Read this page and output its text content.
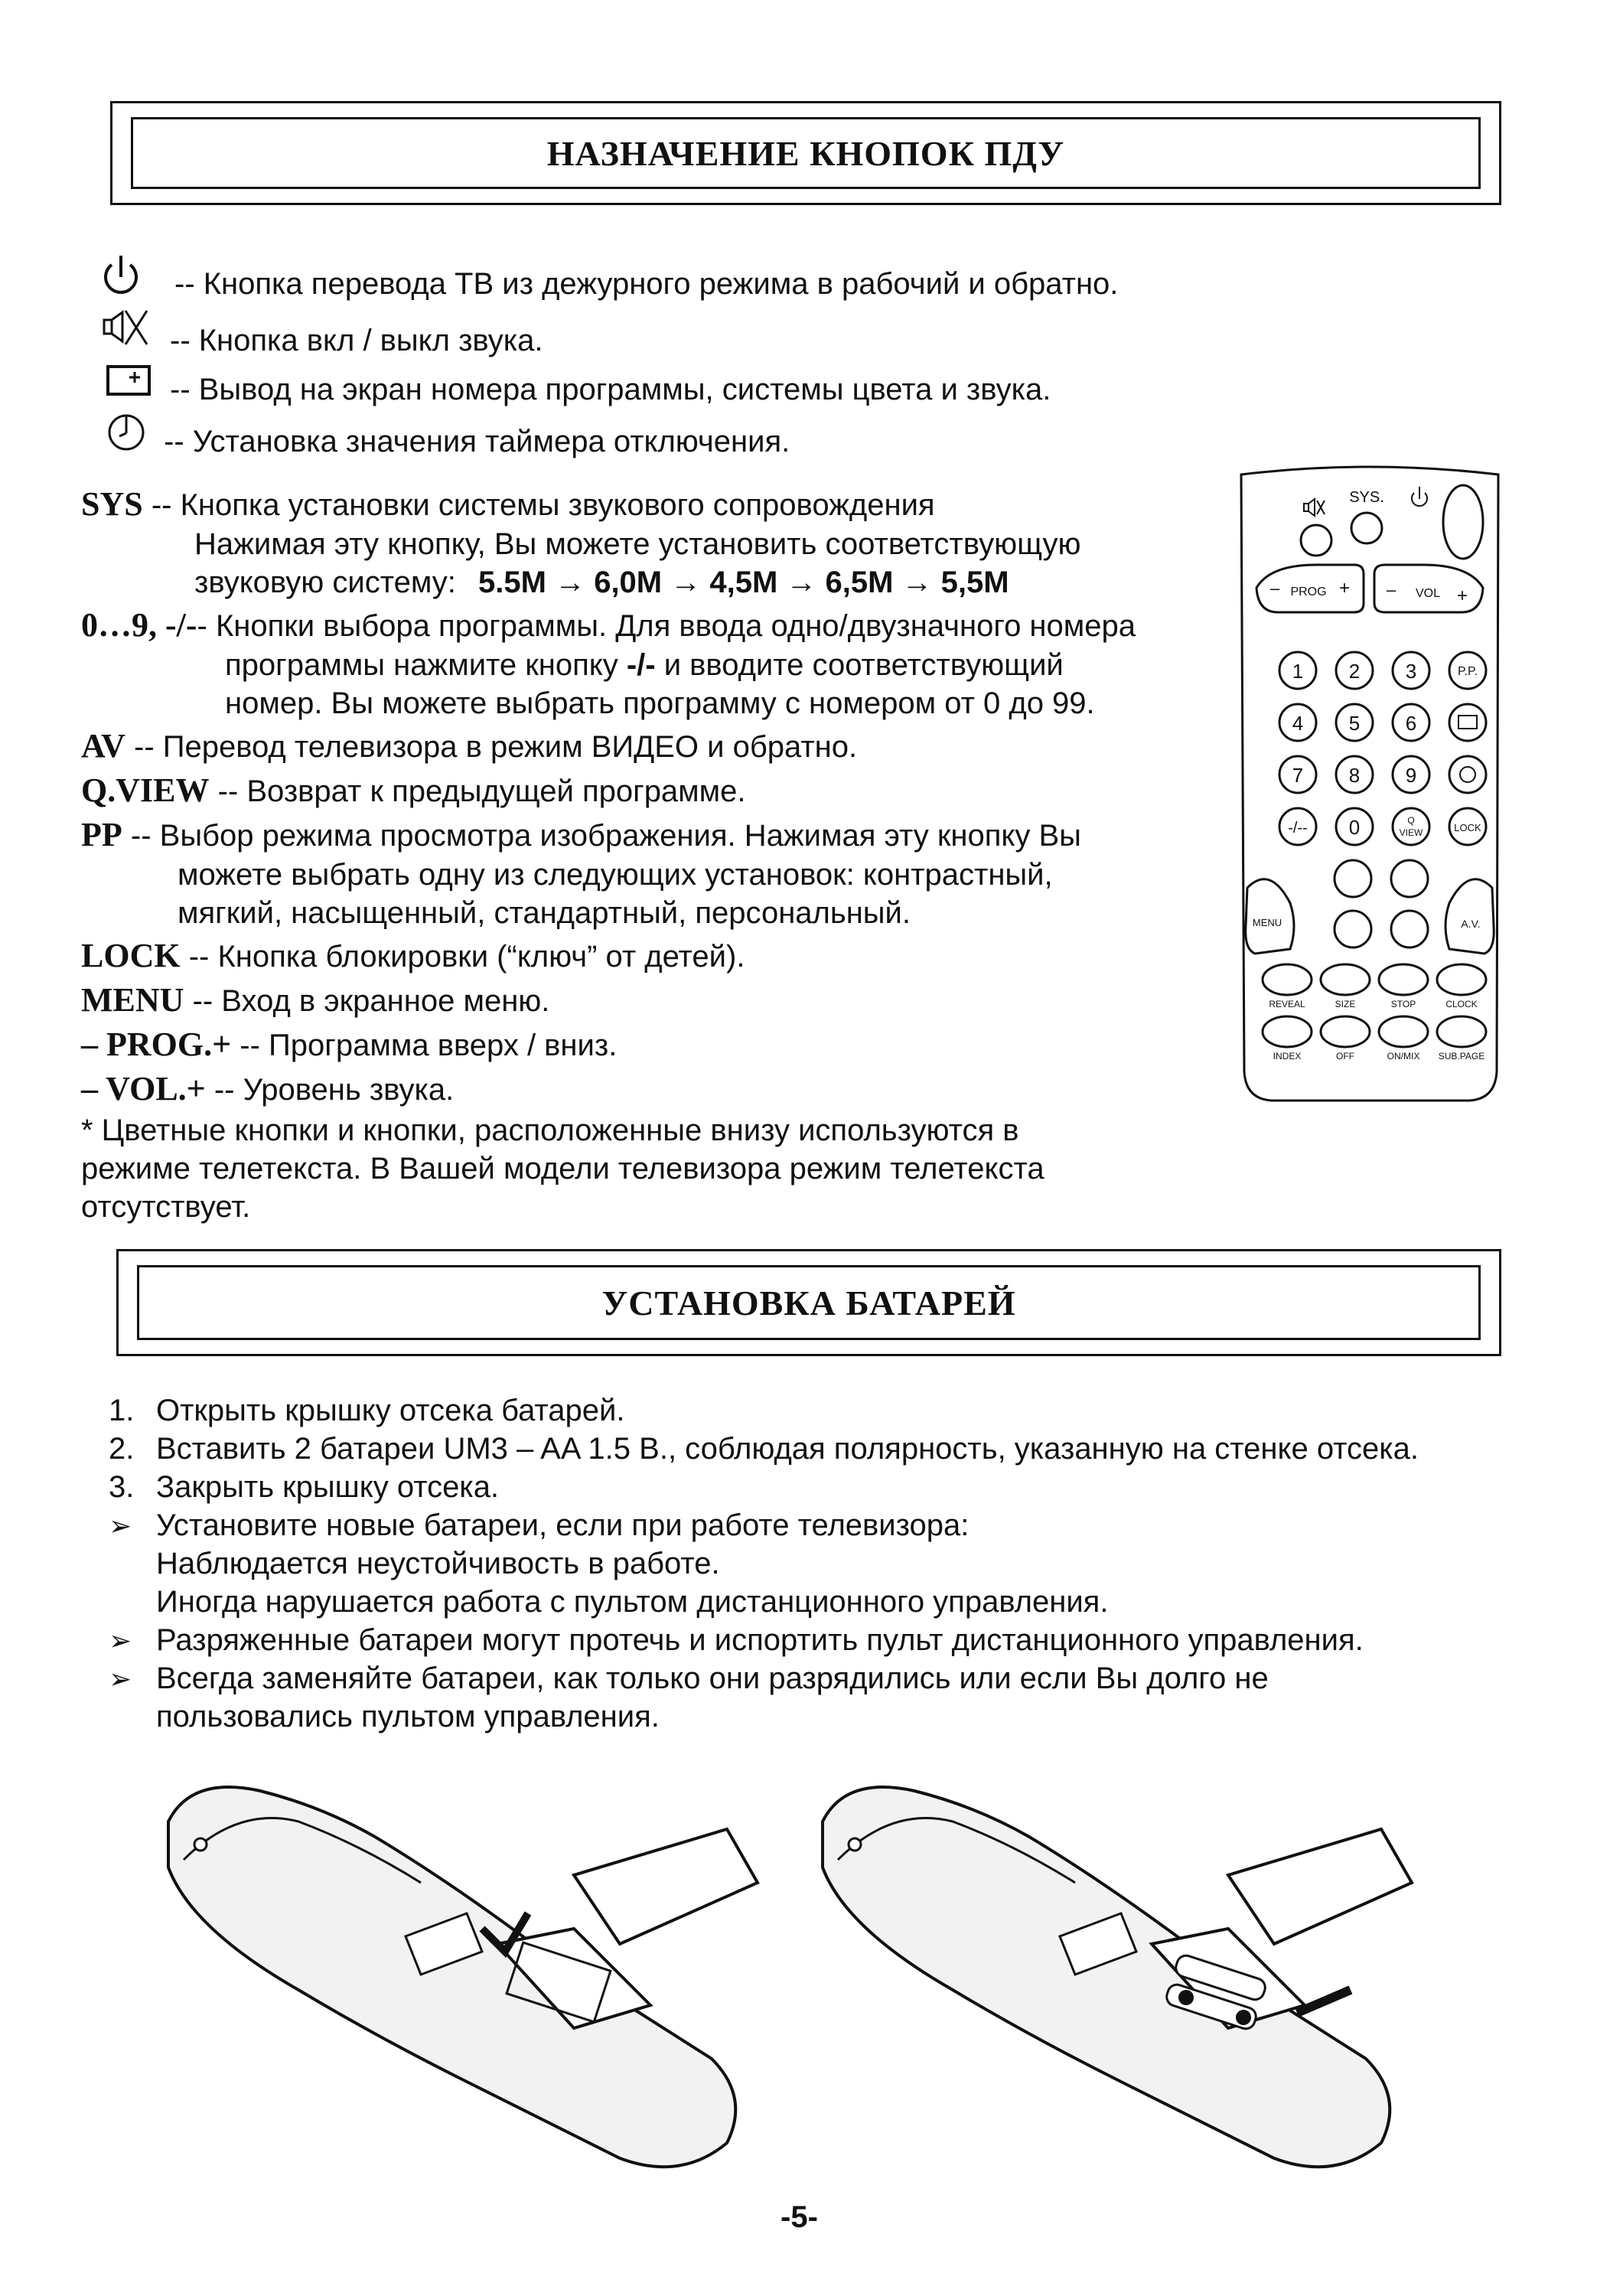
НАЗНАЧЕНИЕ КНОПОК ПДУ
-- Кнопка перевода ТВ из дежурного режима в рабочий и обратно.
-- Кнопка вкл / выкл звука.
-- Вывод на экран номера программы, системы цвета и звука.
-- Установка значения таймера отключения.
SYS -- Кнопка установки системы звукового сопровождения
Нажимая эту кнопку, Вы можете установить соответствующую
звуковую систему: 5.5M → 6,0M → 4,5M → 6,5M → 5,5M
0…9, -/-- Кнопки выбора программы. Для ввода одно/двузначного номера
программы нажмите кнопку -/- и вводите соответствующий
номер. Вы можете выбрать программу с номером от 0 до 99.
AV -- Перевод телевизора в режим ВИДЕО и обратно.
Q.VIEW -- Возврат к предыдущей программе.
PP -- Выбор режима просмотра изображения. Нажимая эту кнопку Вы
можете выбрать одну из следующих установок: контрастный,
мягкий, насыщенный, стандартный, персональный.
LOCK -- Кнопка блокировки (“ключ” от детей).
MENU -- Вход в экранное меню.
– PROG.+ -- Программа вверх / вниз.
– VOL.+ -- Уровень звука.
* Цветные кнопки и кнопки, расположенные внизу используются в
режиме телетекста. В Вашей модели телевизора режим телетекста
отсутствует.
SYS.
PROG
–	+	VOL
–	+
1 2 3	P.P.
4 5 6
7 8 9
-/-- 0	Q
VIEW	LOCK
MENU	A.V.
REVEAL	SIZE	STOP	CLOCK
INDEX	OFF	ON/MIX SUB.PAGE
УСТАНОВКА БАТАРЕЙ
1. Открыть крышку отсека батарей.
2. Вставить 2 батареи UM3 – AA 1.5 В., соблюдая полярность, указанную на стенке отсека.
3. Закрыть крышку отсека.
➢ Установите новые батареи, если при работе телевизора:
Наблюдается неустойчивость в работе.
Иногда нарушается работа с пультом дистанционного управления.
➢ Разряженные батареи могут протечь и испортить пульт дистанционного управления.
➢ Всегда заменяйте батареи, как только они разрядились или если Вы долго не
пользовались пультом управления.
-5-
